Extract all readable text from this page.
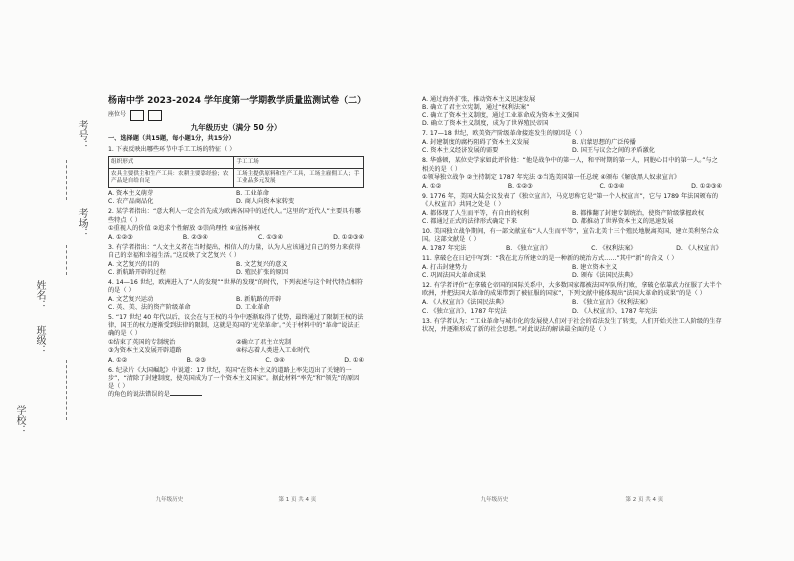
考号：
考场：
姓名：
班级：
学校：
杨南中学 2023-2024 学年度第一学期教学质量监测试卷（二）
座位号
九年级历史（满分 50 分）
一、选择题（共15题，每小题1分，共15分）
1. 下表反映出哪些环节中手工工场的特征（ ）
组织形式	手工工场
农具主要供主和生产工具：农耕主要靠经验；农产品是自给自足	工场主提供原料和生产工具，工场主雇佣工人；手工业品多元发展
A. 资本主义萌芽	B. 工业革命
C. 农产品商品化	D. 商人向资本家转变
2. 某学者指出：“意大利人一定会首先成为欧洲各国中的近代人。”这里的“近代人”主要具有哪些特点（ ）
①重视人的价值 ②追求个性解放 ③崇尚理性 ④宣扬神权
A. ①②③	B. ②③④	C. ①③④	D. ①②③④
3. 有学者指出：“人文主义者在当时提出，相信人的力量，认为人应该通过自己的努力来获得自己的幸福和幸福生活。”这反映了文艺复兴（ ）
A. 文艺复兴的目的	B. 文艺复兴的意义
C. 新航路开辟的过程	D. 殖民扩张的原因
4. 14—16 世纪，欧洲进入了“人的发现”“世界的发现”的时代，下列表述与这个时代特点相符的是（ ）
A. 文艺复兴运动	B. 新航路的开辟
C. 英、美、法的资产阶级革命	D. 工业革命
5. “17 世纪 40 年代以后，议会在与王权的斗争中逐渐取得了优势，最终通过了限制王权的法律，国王的权力逐渐受到法律的限制，这就是英国的‘光荣革命’。”关于材料中的“革命”说法正确的是（ ）
①结束了英国的专制统治	②确立了君主立宪制
③为资本主义发展开辟道路	④标志着人类进入工业时代
A. ①②	B. ②③	C. ③④	D. ①④
6. 纪录片《大国崛起》中说道：17 世纪，英国“在资本主义的道路上率先迈出了关键的一步”，“清除了封建制度，使英国成为了一个资本主义国家”。据此材料“率先”和“领先”的原因是（ ）
的角色的说法错误的是
九年级历史	第 1 页 共 4 页
A. 通过海外扩张，推动资本主义迅速发展
B. 确立了君主立宪制，通过“权利法案”
C. 确立了资本主义制度，通过工业革命成为资本主义强国
D. 确立了资本主义制度，成为了世界殖民帝国
7. 17—18 世纪，欧美资产阶级革命接连发生的原因是（ ）
A. 封建制度的腐朽阻碍了资本主义发展	B. 启蒙思想的广泛传播
C. 资本主义经济发展的需要	D. 国王与议会之间的矛盾激化
8. 华盛顿，某位史学家如此评价他：“他是战争中的第一人，和平时期的第一人，同胞心目中的第一人。”与之相关的是（ ）
①领导独立战争 ②主持制定 1787 年宪法 ③当选美国第一任总统 ④颁布《解放黑人奴隶宣言》
A. ①②	B. ①②③	C. ①③④	D. ①②③④
9. 1776 年，美国大陆会议发表了《独立宣言》，马克思称它是“第一个人权宣言”，它与 1789 年法国颁布的《人权宣言》共同之处是（ ）
A. 都体现了人生而平等，有自由的权利	B. 都推翻了封建专制统治，使资产阶级掌握政权
C. 都通过正式的法律形式确定下来	D. 都推动了世界资本主义的迅速发展
10. 美国独立战争期间，有一部文献宣布“人人生而平等”，宣告北美十三个殖民地脱离英国，建立美利坚合众国。这部文献是（ ）
A. 1787 年宪法	B. 《独立宣言》	C. 《权利法案》	D. 《人权宣言》
11. 拿破仑在日记中写到：“我在北方所建立的是一种新的统治方式……”其中“新”的含义（ ）
A. 打击封建势力	B. 建立资本主义
C. 巩固法国大革命成果	D. 颁布《法国民法典》
12. 有学者评价“在拿破仑帝国的国际关系中，大多数国家都被法国军队所打败，拿破仑依靠武力征服了大半个欧洲，并把法国大革命的成果带到了被征服的国家”，下列文献中能体现出“法国大革命的成果”的是（ ）
A. 《人权宣言》《法国民法典》	B. 《独立宣言》《权利法案》
C. 《独立宣言》、1787 年宪法	D. 《人权宣言》、1787 年宪法
13. 有学者认为：“工业革命与城市化的发展使人们对于社会的看法发生了转变，人们开始关注工人阶级的生存状况，并逐渐形成了新的社会思想。”对此说法的解读最全面的是（ ）
九年级历史	第 2 页 共 4 页
